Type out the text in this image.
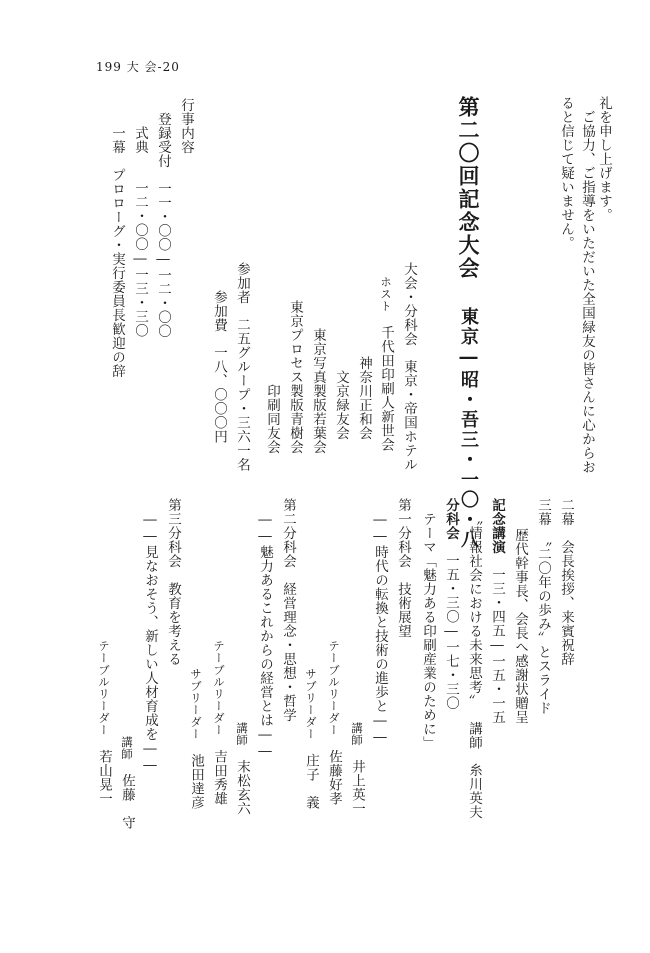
199 大 会-20
ると信じて疑いません。 ご協力、ご指導をいただいた全国緑友の皆さんに心からお 礼を申し上げます。
第二〇回記念大会東京―昭・吾三・一〇・八
大会・分科会東京・帝国ホテル
ホスト千代田印刷人新世会
神奈川正和会
文京緑友会
東京写真製版若葉会
東京プロセス製版青樹会
印刷同友会
参加者二五グループ・三六一名
参加費一八、〇〇〇円
行事内容
登録受付一一・〇〇―一二・〇〇
式典一二・〇〇―一三・三〇
一幕　プロローグ・実行委員長歓迎の辞
二幕　会長挨拶、来賓祝辞
三幕　〝二〇年の歩み〟とスライド
歴代幹事長、会長へ感謝状贈呈
記念講演一三・四五―一五・一五
〝情報社会における未来思考〟講師糸川英夫
分科会一五・三〇―一七・三〇
テーマ「魅力ある印刷産業のために」
第一分科会　技術展望
――時代の転換と技術の進歩と――
講師井上英一
テーブルリーダー佐藤好孝
サブリーダー庄子　義
第二分科会　経営理念・思想・哲学
――魅力あるこれからの経営とは――
講師末松玄六
テーブルリーダー吉田秀雄
サブリーダー池田達彦
第三分科会　教育を考える
――見なおそう、新しい人材育成を――
講師佐藤　守
テーブルリーダー若山晃一
